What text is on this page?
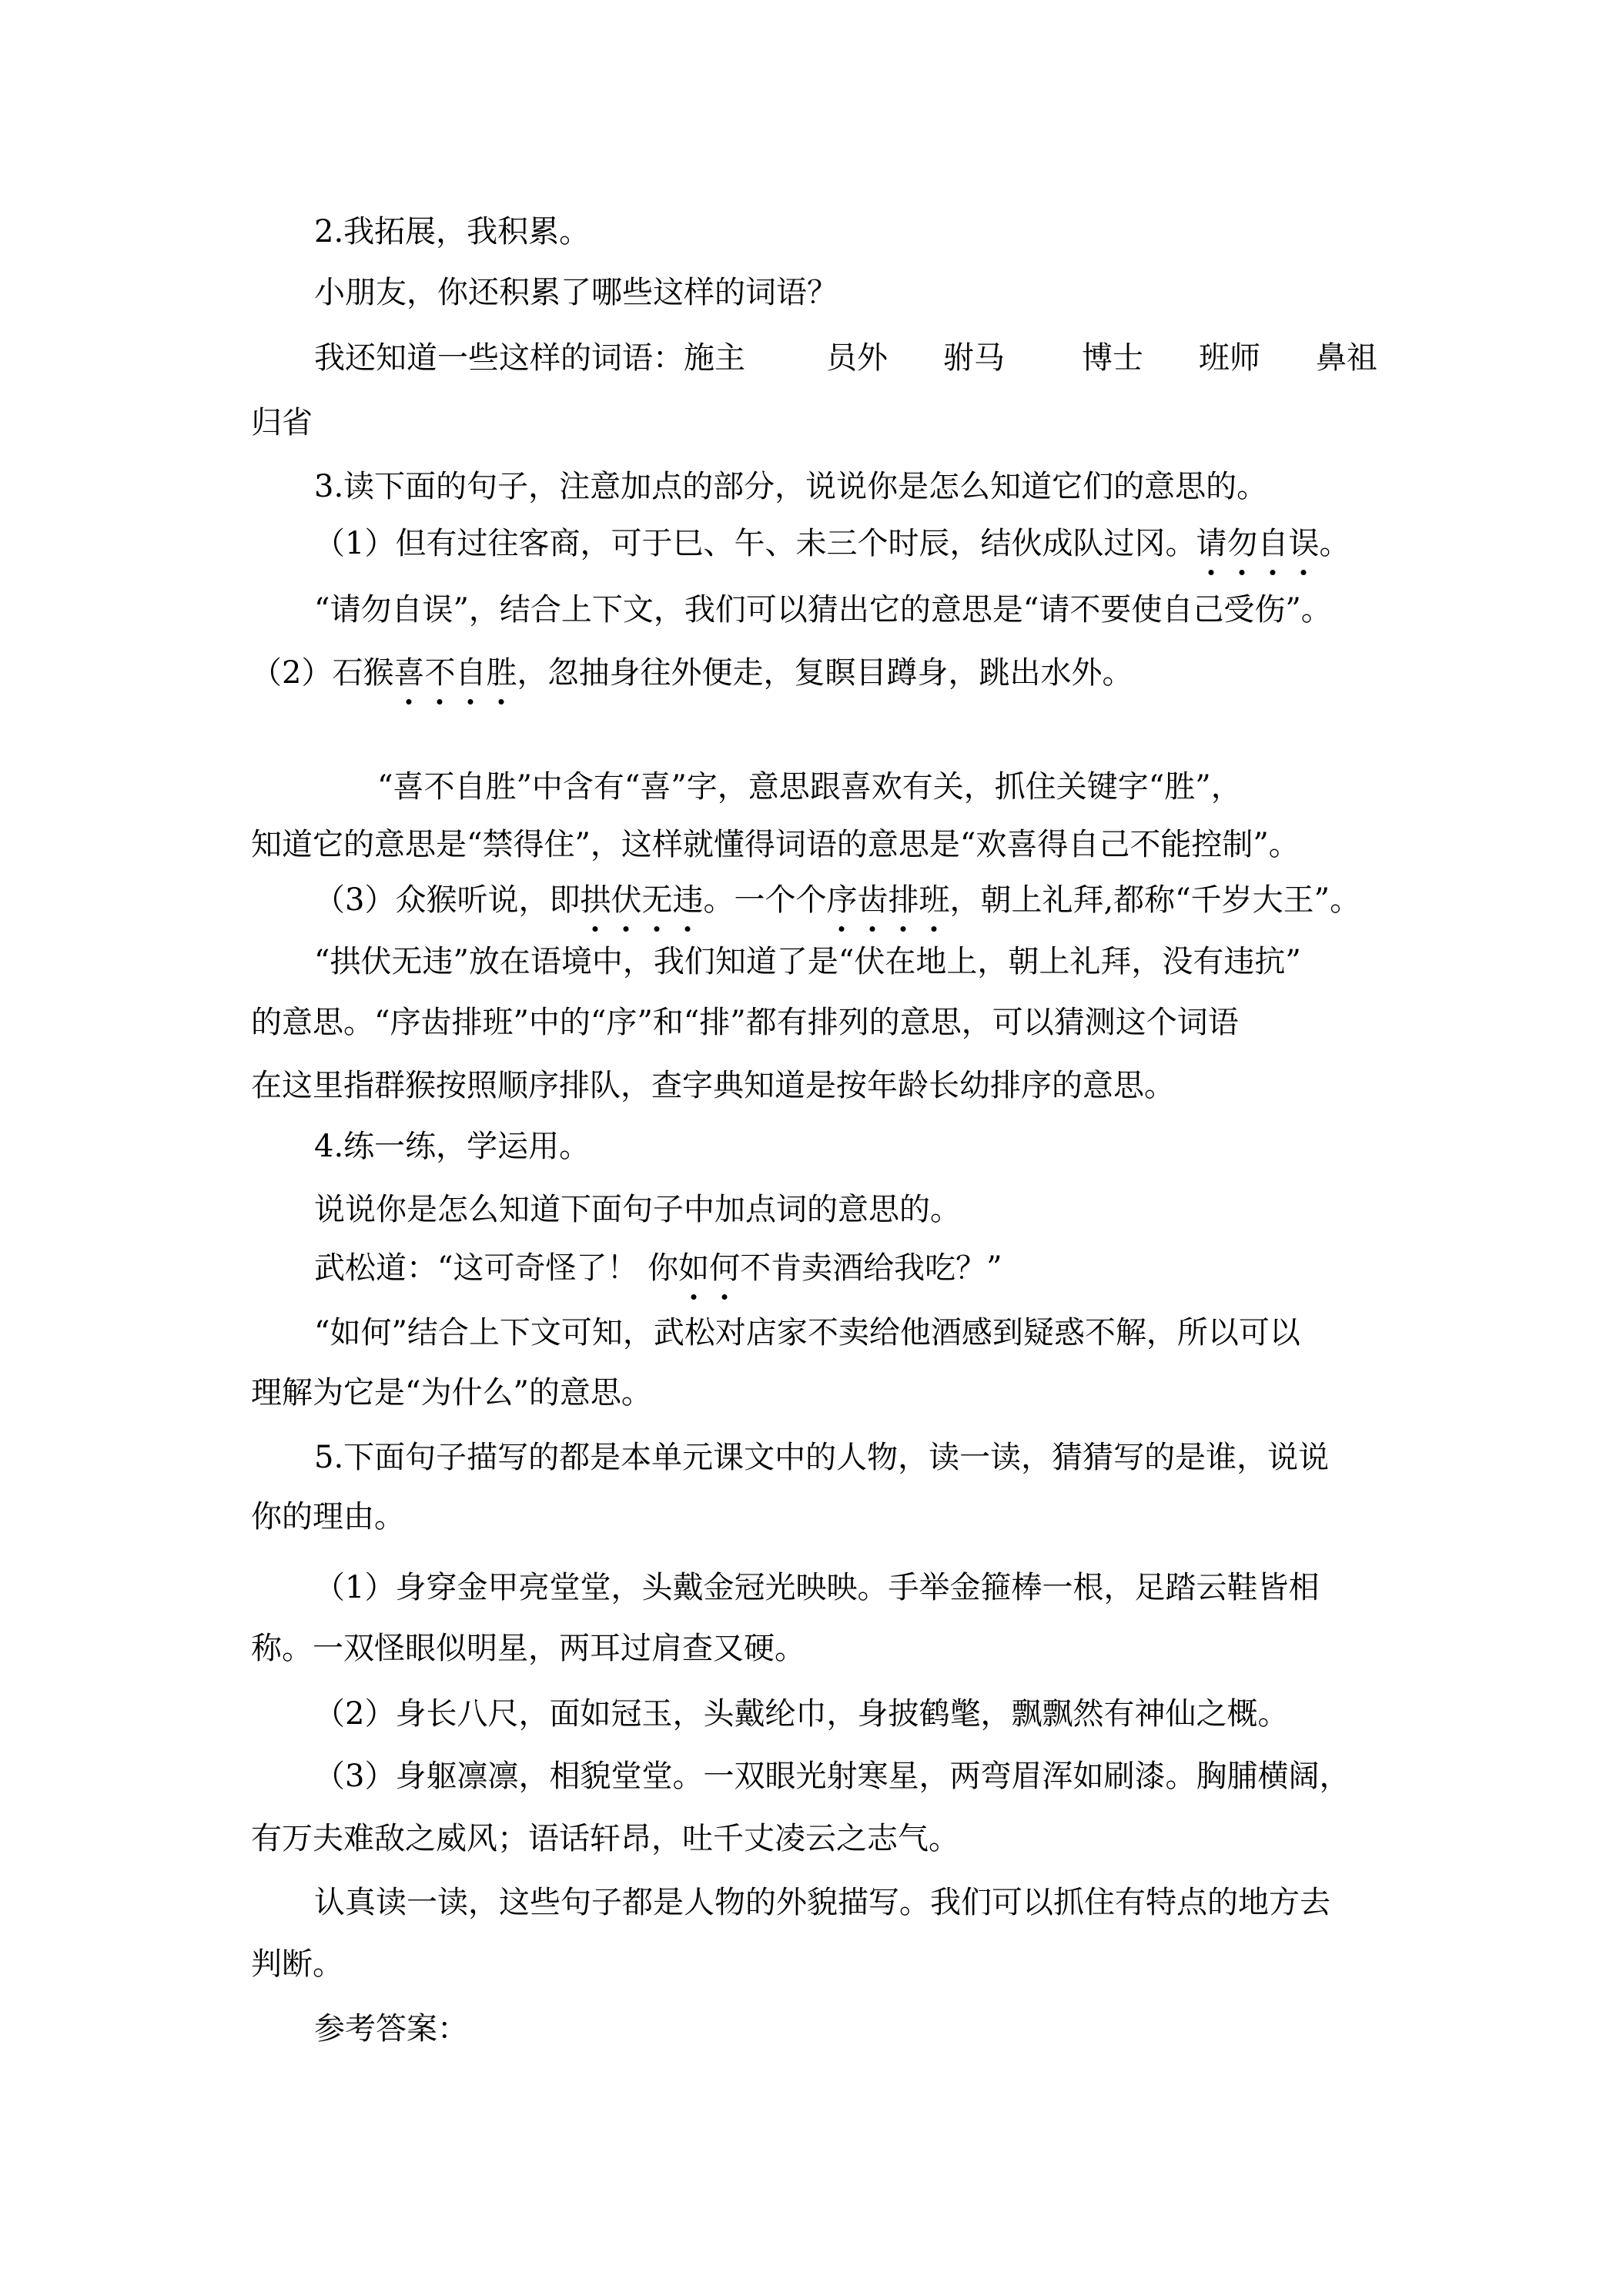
2.我拓展，我积累。
小朋友，你还积累了哪些这样的词语？
我还知道一些这样的词语：施主	员外 驸马	博士 班师 鼻祖
归省
3.读下面的句子，注意加点的部分，说说你是怎么知道它们的意思的。
（1）但有过往客商，可于巳、午、未三个时辰，结伙成队过冈。请
勿
自
误
。
“请勿自误”，结合上下文，我们可以猜出它的意思是“请不要使自己受伤”。
（2）石猴喜
不
自
胜
，忽抽身往外便走，复瞑目蹲身，跳出水外。
“喜不自胜”中含有“喜”字，意思跟喜欢有关，抓住关键字“胜”，
知道它的意思是“禁得住”，这样就懂得词语的意思是“欢喜得自己不能控制”。
（3）众猴听说，即拱
伏
无
违
。一个个序
齿
排
班
，朝上礼拜,都称“千岁大王”。
“拱伏无违”放在语境中，我们知道了是“伏在地上，朝上礼拜，没有违抗”
的意思。“序齿排班”中的“序”和“排”都有排列的意思，可以猜测这个词语
在这里指群猴按照顺序排队，查字典知道是按年龄长幼排序的意思。
4.练一练，学运用。
说说你是怎么知道下面句子中加点词的意思的。
武松道：“这可奇怪了！ 你如
何
不肯卖酒给我吃？”
“如何”结合上下文可知，武松对店家不卖给他酒感到疑惑不解，所以可以
理解为它是“为什么”的意思。
5.下面句子描写的都是本单元课文中的人物，读一读，猜猜写的是谁，说说
你的理由。
（1）身穿金甲亮堂堂，头戴金冠光映映。手举金箍棒一根，足踏云鞋皆相
称。一双怪眼似明星，两耳过肩查又硬。
（2）身长八尺，面如冠玉，头戴纶巾，身披鹤氅，飘飘然有神仙之概。
（3）身躯凛凛，相貌堂堂。一双眼光射寒星，两弯眉浑如刷漆。胸脯横阔，
有万夫难敌之威风；语话轩昂，吐千丈凌云之志气。
认真读一读，这些句子都是人物的外貌描写。我们可以抓住有特点的地方去
判断。
参考答案：
